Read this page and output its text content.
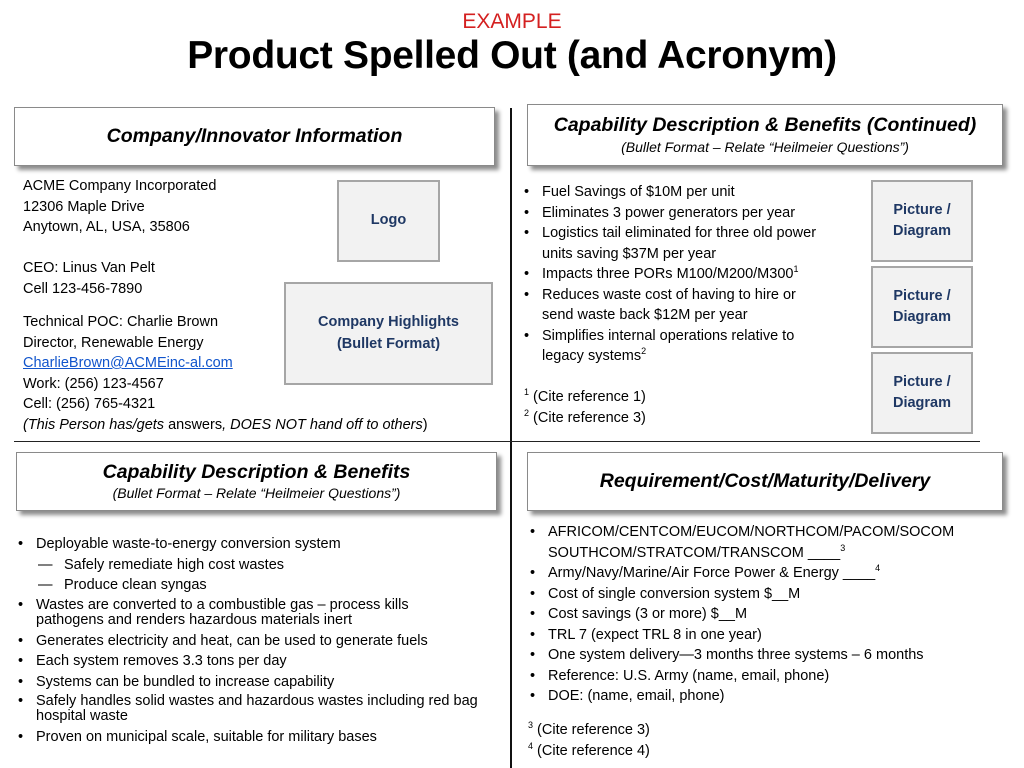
EXAMPLE
Product Spelled Out (and Acronym)
Company/Innovator Information
ACME Company Incorporated
12306 Maple Drive
Anytown, AL, USA, 35806
CEO: Linus Van Pelt
Cell 123-456-7890
Technical POC: Charlie Brown
Director, Renewable Energy
CharlieBrown@ACMEinc-al.com
Work: (256) 123-4567
Cell: (256) 765-4321
(This Person has/gets answers, DOES NOT hand off to others)
Logo
Company Highlights
(Bullet Format)
Capability Description & Benefits (Continued)
(Bullet Format – Relate “Heilmeier Questions”)
• Fuel Savings of $10M per unit
• Eliminates 3 power generators per year
• Logistics tail eliminated for three old power
units saving $37M per year
• Impacts three PORs $M100/M200/M300^1$
• Reduces waste cost of having to hire or
send waste back $12M per year
• Simplifies internal operations relative to
legacy systems$^2$
$^1$ (Cite reference 1)
$^2$ (Cite reference 3)
Picture /
Diagram
Picture /
Diagram
Picture /
Diagram
Capability Description & Benefits
(Bullet Format – Relate “Heilmeier Questions”)
• Deployable waste-to-energy conversion system
— Safely remediate high cost wastes
— Produce clean syngas
• Wastes are converted to a combustible gas – process kills
pathogens and renders hazardous materials inert
• Generates electricity and heat, can be used to generate fuels
• Each system removes 3.3 tons per day
• Systems can be bundled to increase capability
• Safely handles solid wastes and hazardous wastes including red bag
hospital waste
• Proven on municipal scale, suitable for military bases
Requirement/Cost/Maturity/Delivery
• AFRICOM/CENTCOM/EUCOM/NORTHCOM/PACOM/SOCOM
SOUTHCOM/STRATCOM/TRANSCOM ____$^3$
• Army/Navy/Marine/Air Force Power & Energy ____$^4$
• Cost of single conversion system $__M
• Cost savings (3 or more) $__M
• TRL 7 (expect TRL 8 in one year)
• One system delivery—3 months three systems – 6 months
• Reference: U.S. Army (name, email, phone)
• DOE: (name, email, phone)
$^3$ (Cite reference 3)
$^4$ (Cite reference 4)
